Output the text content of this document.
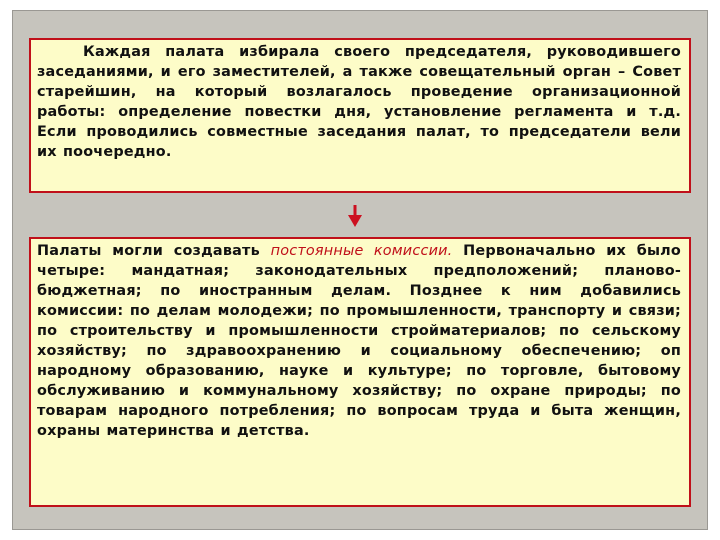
Каждая палата избирала своего председателя, руководившего заседаниями, и его заместителей, а также совещательный орган – Совет старейшин, на который возлагалось проведение организационной работы: определение повестки дня, установление регламента и т.д. Если проводились совместные заседания палат, то председатели вели их поочередно.
Палаты могли создавать постоянные комиссии. Первоначально их было четыре: мандатная; законодательных предположений; планово-бюджетная; по иностранным делам. Позднее к ним добавились комиссии: по делам молодежи; по промышленности, транспорту и связи; по строительству и промышленности стройматериалов; по сельскому хозяйству; по здравоохранению и социальному обеспечению; оп народному образованию, науке и культуре; по торговле, бытовому обслуживанию и коммунальному хозяйству; по охране природы; по товарам народного потребления; по вопросам труда и быта женщин, охраны материнства и детства.
